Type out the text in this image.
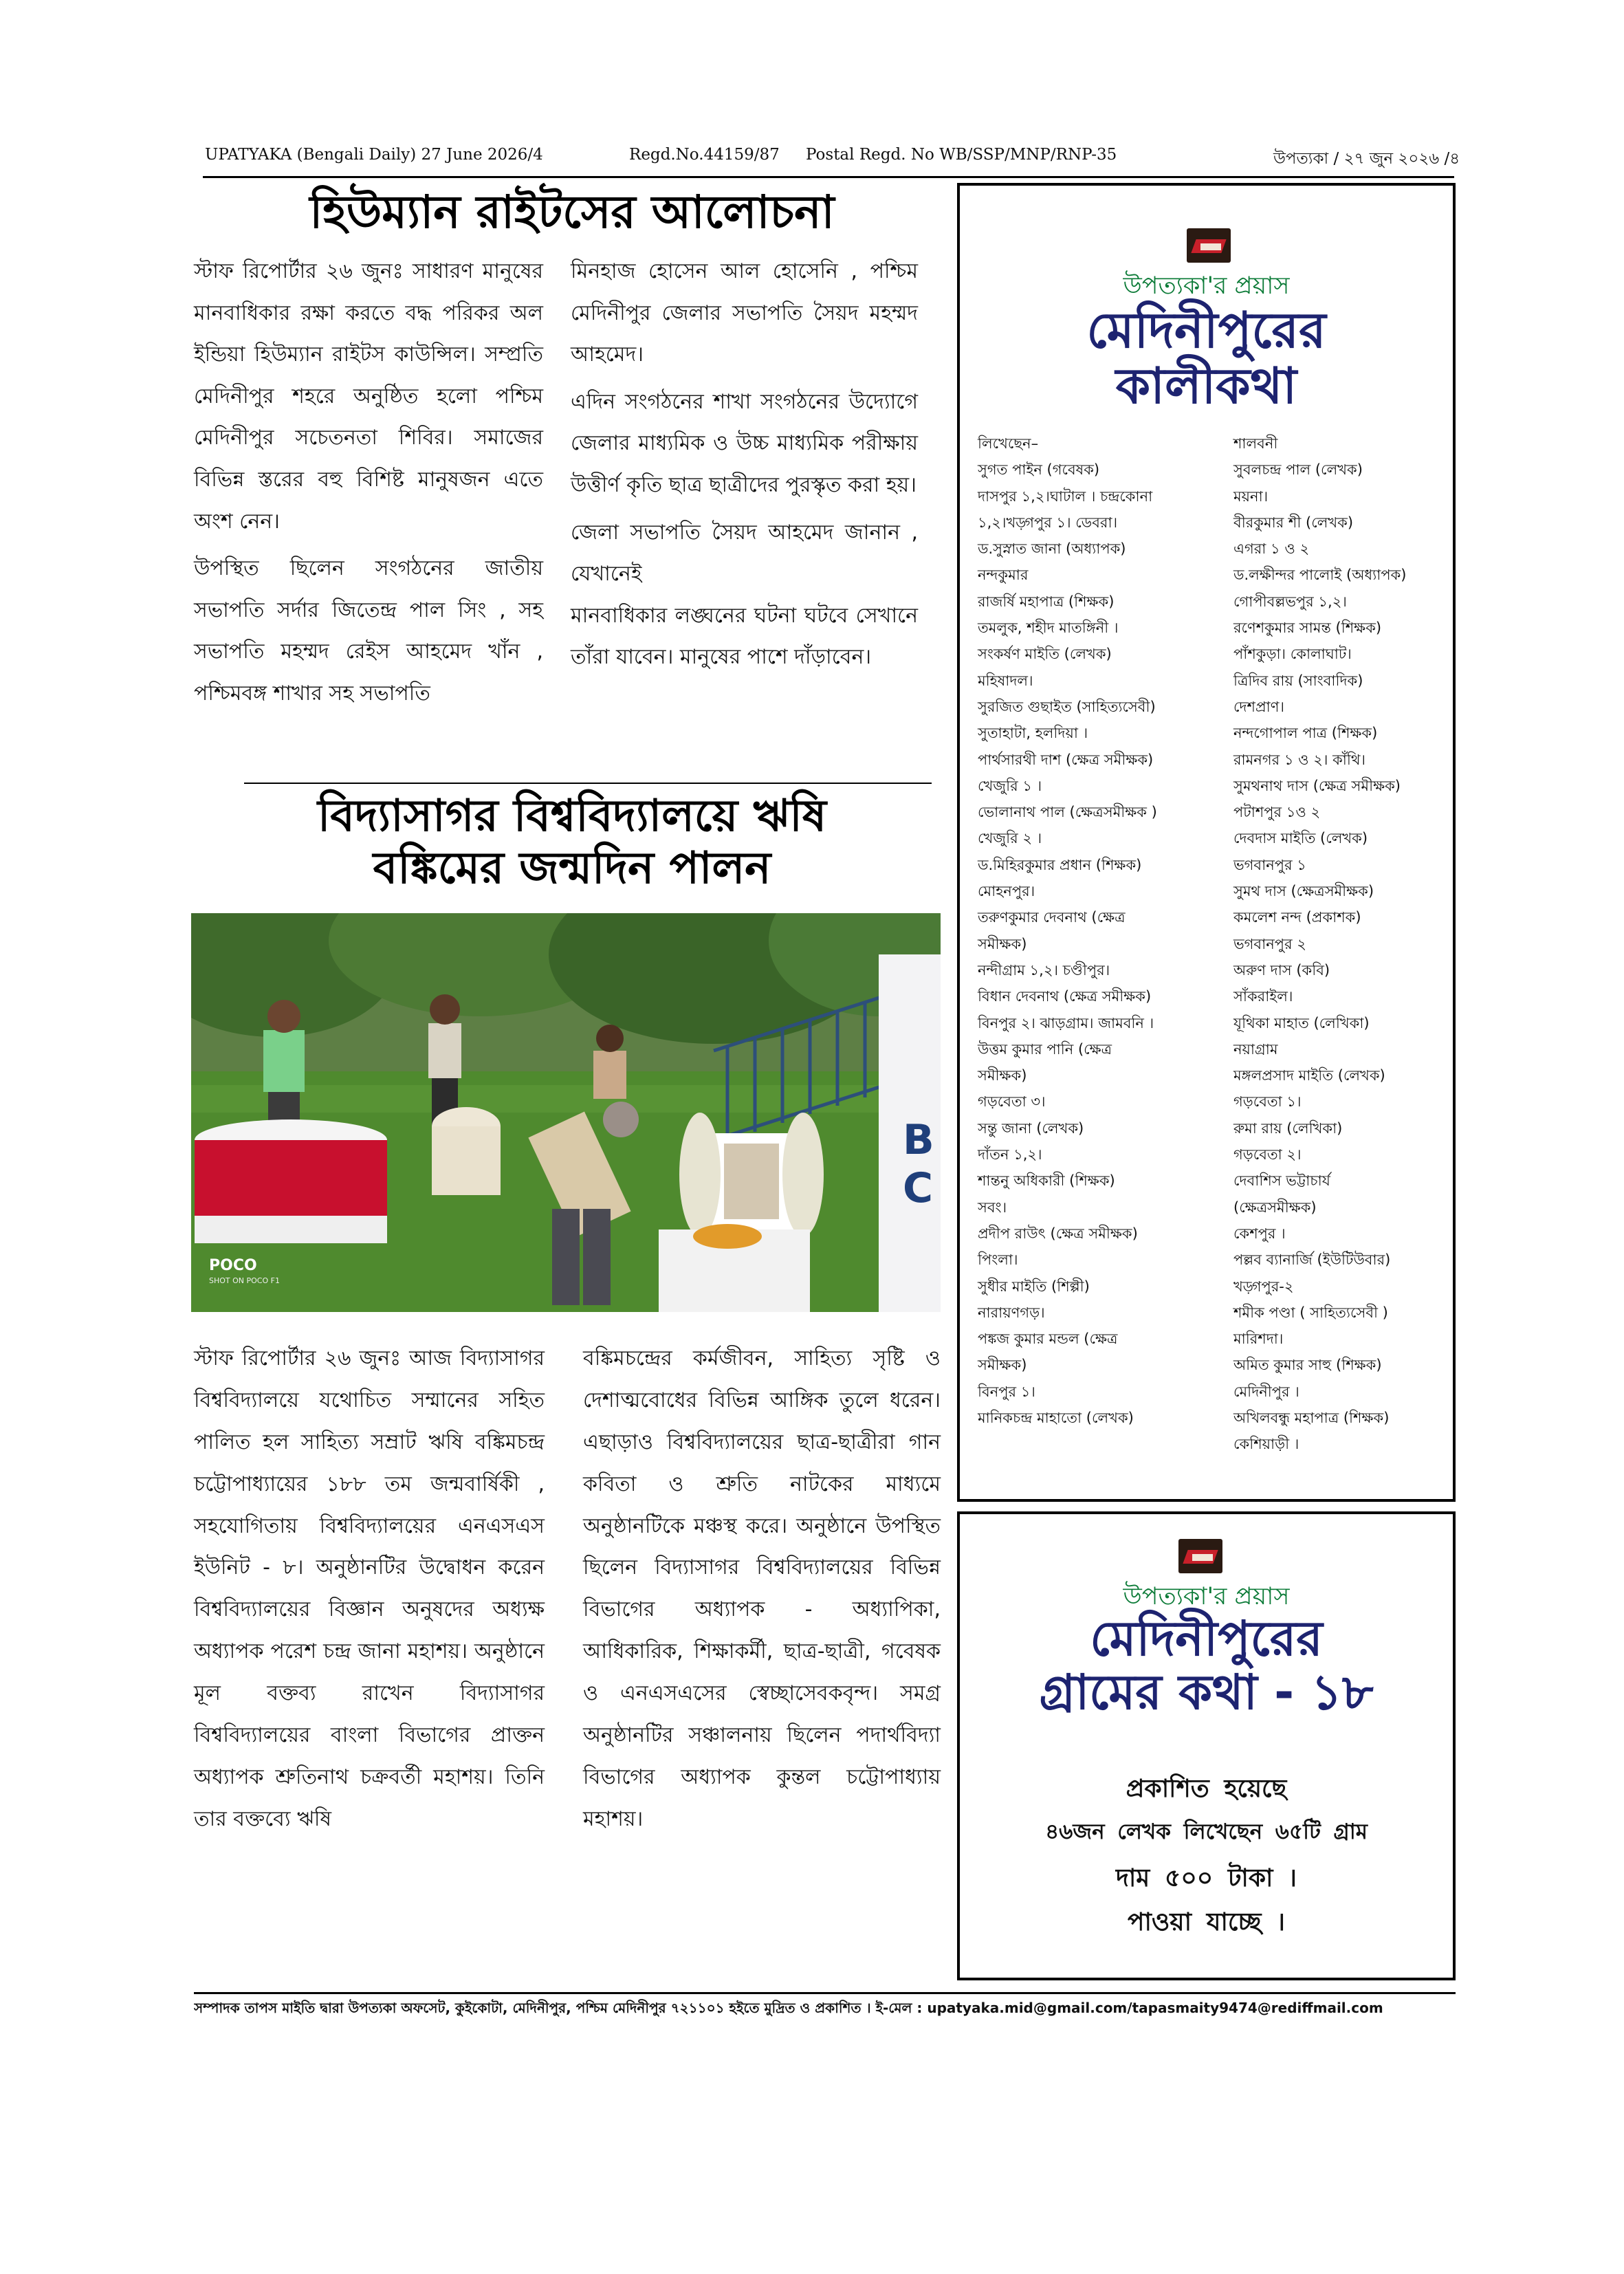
UPATYAKA (Bengali Daily) 27 June 2026/4	Regd.No.44159/87 Postal Regd. No WB/SSP/MNP/RNP-35	উপত্যকা / ২৭ জুন ২০২৬ /৪
হিউম্যান রাইটসের আলোচনা

স্টাফ রিপোর্টার ২৬ জুনঃ সাধারণ মানুষের মানবাধিকার রক্ষা করতে বদ্ধ পরিকর অল ইন্ডিয়া হিউম্যান রাইটস কাউন্সিল। সম্প্রতি মেদিনীপুর শহরে অনুষ্ঠিত হলো পশ্চিম মেদিনীপুর সচেতনতা শিবির। সমাজের বিভিন্ন স্তরের বহু বিশিষ্ট মানুষজন এতে অংশ নেন।

উপস্থিত ছিলেন সংগঠনের জাতীয় সভাপতি সর্দার জিতেন্দ্র পাল সিং , সহ সভাপতি মহম্মদ রেইস আহমেদ খাঁন , পশ্চিমবঙ্গ শাখার সহ সভাপতি

মিনহাজ হোসেন আল হোসেনি , পশ্চিম মেদিনীপুর জেলার সভাপতি সৈয়দ মহম্মদ আহমেদ।

এদিন সংগঠনের শাখা সংগঠনের উদ্যোগে জেলার মাধ্যমিক ও উচ্চ মাধ্যমিক পরীক্ষায় উত্তীর্ণ কৃতি ছাত্র ছাত্রীদের পুরস্কৃত করা হয়।

জেলা সভাপতি সৈয়দ আহমেদ জানান , যেখানেই

মানবাধিকার লঙ্ঘনের ঘটনা ঘটবে সেখানে তাঁরা যাবেন। মানুষের পাশে দাঁড়াবেন।

বিদ্যাসাগর বিশ্ববিদ্যালয়ে ঋষি
বঙ্কিমের জন্মদিন পালন
B
C
POCO
SHOT ON POCO F1

স্টাফ রিপোর্টার ২৬ জুনঃ আজ বিদ্যাসাগর বিশ্ববিদ্যালয়ে যথোচিত সম্মানের সহিত পালিত হল সাহিত্য সম্রাট ঋষি বঙ্কিমচন্দ্র চট্টোপাধ্যায়ের ১৮৮ তম জন্মবার্ষিকী , সহযোগিতায় বিশ্ববিদ্যালয়ের এনএসএস ইউনিট - ৮। অনুষ্ঠানটির উদ্বোধন করেন বিশ্ববিদ্যালয়ের বিজ্ঞান অনুষদের অধ্যক্ষ অধ্যাপক পরেশ চন্দ্র জানা মহাশয়। অনুষ্ঠানে মূল বক্তব্য রাখেন বিদ্যাসাগর বিশ্ববিদ্যালয়ের বাংলা বিভাগের প্রাক্তন অধ্যাপক শ্রুতিনাথ চক্রবর্তী মহাশয়। তিনি তার বক্তব্যে ঋষি

বঙ্কিমচন্দ্রের কর্মজীবন, সাহিত্য সৃষ্টি ও দেশাত্মবোধের বিভিন্ন আঙ্গিক তুলে ধরেন। এছাড়াও বিশ্ববিদ্যালয়ের ছাত্র-ছাত্রীরা গান কবিতা ও শ্রুতি নাটকের মাধ্যমে অনুষ্ঠানটিকে মঞ্চস্থ করে। অনুষ্ঠানে উপস্থিত ছিলেন বিদ্যাসাগর বিশ্ববিদ্যালয়ের বিভিন্ন বিভাগের অধ্যাপক - অধ্যাপিকা, আধিকারিক, শিক্ষাকর্মী, ছাত্র-ছাত্রী, গবেষক ও এনএসএসের স্বেচ্ছাসেবকবৃন্দ। সমগ্র অনুষ্ঠানটির সঞ্চালনায় ছিলেন পদার্থবিদ্যা বিভাগের অধ্যাপক কুন্তল চট্টোপাধ্যায় মহাশয়।

উপত্যকা'র প্রয়াস
মেদিনীপুরের
কালীকথা
লিখেছেন–
সুগত পাইন (গবেষক)
দাসপুর ১,২।ঘাটাল । চন্দ্রকোনা
১,২।খড়্গপুর ১। ডেবরা।
ড.সুস্নাত জানা (অধ্যাপক)
নন্দকুমার
রাজর্ষি মহাপাত্র (শিক্ষক)
তমলুক, শহীদ মাতঙ্গিনী ।
সংকর্ষণ মাইতি (লেখক)
মহিষাদল।
সুরজিত গুছাইত (সাহিত্যসেবী)
সুতাহাটা, হলদিয়া ।
পার্থসারথী দাশ (ক্ষেত্র সমীক্ষক)
খেজুরি ১ ।
ভোলানাথ পাল (ক্ষেত্রসমীক্ষক )
খেজুরি ২ ।
ড.মিহিরকুমার প্রধান (শিক্ষক)
মোহনপুর।
তরুণকুমার দেবনাথ (ক্ষেত্র
সমীক্ষক)
নন্দীগ্রাম ১,২। চণ্ডীপুর।
বিধান দেবনাথ (ক্ষেত্র সমীক্ষক)
বিনপুর ২। ঝাড়গ্রাম। জামবনি ।
উত্তম কুমার পানি (ক্ষেত্র
সমীক্ষক)
গড়বেতা ৩।
সন্তু জানা (লেখক)
দাঁতন ১,২।
শান্তনু অধিকারী (শিক্ষক)
সবং।
প্রদীপ রাউৎ (ক্ষেত্র সমীক্ষক)
পিংলা।
সুধীর মাইতি (শিল্পী)
নারায়ণগড়।
পঙ্কজ কুমার মন্ডল (ক্ষেত্র
সমীক্ষক)
বিনপুর ১।
মানিকচন্দ্র মাহাতো (লেখক)
শালবনী
সুবলচন্দ্র পাল (লেখক)
ময়না।
বীরকুমার শী (লেখক)
এগরা ১ ও ২
ড.লক্ষীন্দর পালোই (অধ্যাপক)
গোপীবল্লভপুর ১,২।
রণেশকুমার সামন্ত (শিক্ষক)
পাঁশকুড়া। কোলাঘাট।
ত্রিদিব রায় (সাংবাদিক)
দেশপ্রাণ।
নন্দগোপাল পাত্র (শিক্ষক)
রামনগর ১ ও ২। কাঁথি।
সুমথনাথ দাস (ক্ষেত্র সমীক্ষক)
পটাশপুর ১ও ২
দেবদাস মাইতি (লেখক)
ভগবানপুর ১
সুমথ দাস (ক্ষেত্রসমীক্ষক)
কমলেশ নন্দ (প্রকাশক)
ভগবানপুর ২
অরুণ দাস (কবি)
সাঁকরাইল।
যূথিকা মাহাত (লেখিকা)
নয়াগ্রাম
মঙ্গলপ্রসাদ মাইতি (লেখক)
গড়বেতা ১।
রুমা রায় (লেখিকা)
গড়বেতা ২।
দেবাশিস ভট্টাচার্য
(ক্ষেত্রসমীক্ষক)
কেশপুর ।
পল্লব ব্যানার্জি (ইউটিউবার)
খড়্গপুর-২
শমীক পণ্ডা ( সাহিত্যসেবী )
মারিশদা।
অমিত কুমার সাহু (শিক্ষক)
মেদিনীপুর ।
অখিলবন্ধু মহাপাত্র (শিক্ষক)
কেশিয়াড়ী ।
উপত্যকা'র প্রয়াস
মেদিনীপুরের
গ্রামের কথা - ১৮
প্রকাশিত হয়েছে
৪৬জন লেখক লিখেছেন ৬৫টি গ্রাম
দাম ৫০০ টাকা ।
পাওয়া যাচ্ছে ।
সম্পাদক তাপস মাইতি দ্বারা উপত্যকা অফসেট, কুইকোটা, মেদিনীপুর, পশ্চিম মেদিনীপুর ৭২১১০১ হইতে মুদ্রিত ও প্রকাশিত । ই-মেল : upatyaka.mid@gmail.com/tapasmaity9474@rediffmail.com
